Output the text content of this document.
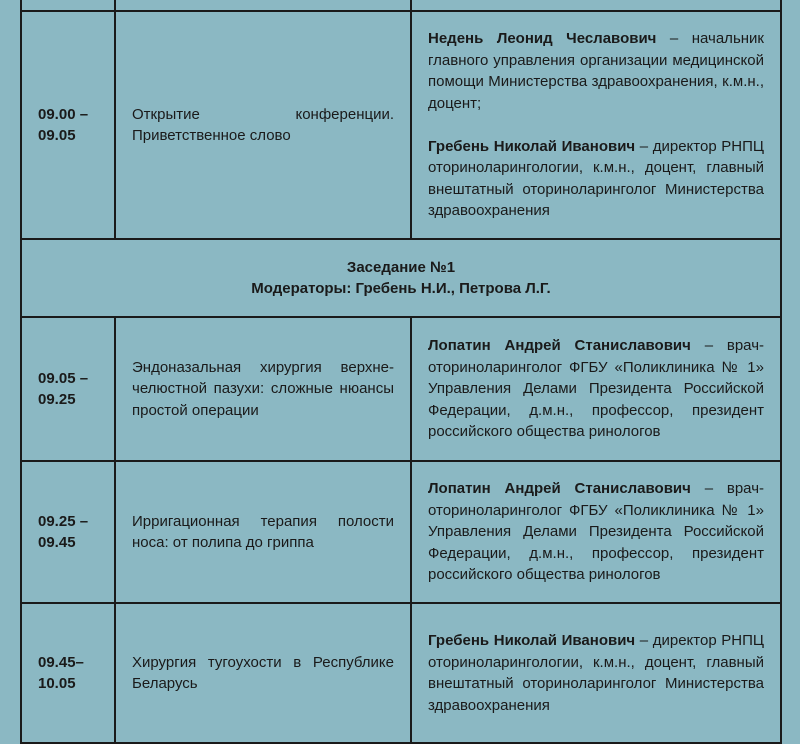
09.00 – 09.05	Открытие конференции. Приветственное слово	Недень Леонид Чеславович – начальник главного управления организации медицинской помощи Министерства здравоохранения, к.м.н., доцент;

Гребень Николай Иванович – директор РНПЦ оториноларингологии, к.м.н., доцент, главный внештатный оториноларинголог Министерства здравоохранения

Заседание №1
Модераторы: Гребень Н.И., Петрова Л.Г.		

09.05 – 09.25	Эндоназальная хирургия верхне-челюстной пазухи: сложные нюансы простой операции	Лопатин Андрей Станиславович – врач-оториноларинголог ФГБУ «Поликлиника № 1» Управления Делами Президента Российской Федерации, д.м.н., профессор, президент российского общества ринологов

09.25 – 09.45	Ирригационная терапия полости носа: от полипа до гриппа	Лопатин Андрей Станиславович – врач-оториноларинголог ФГБУ «Поликлиника № 1» Управления Делами Президента Российской Федерации, д.м.н., профессор, президент российского общества ринологов

09.45– 10.05	Хирургия тугоухости в Республике Беларусь	Гребень Николай Иванович – директор РНПЦ оториноларингологии, к.м.н., доцент, главный внештатный оториноларинголог Министерства здравоохранения
